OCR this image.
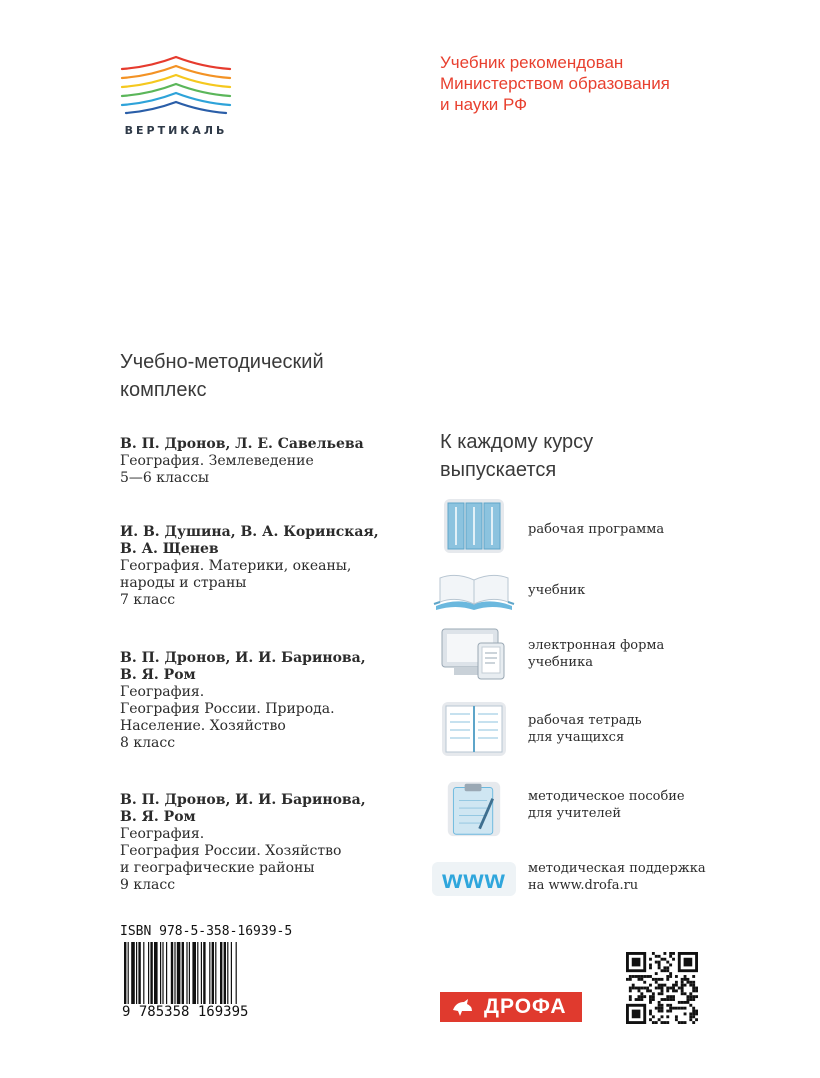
ВЕРТИКАЛЬ
Учебник рекомендован
Министерством образования
и науки РФ
Учебно-методический
комплекс
В. П. Дронов, Л. Е. Савельева
География. Землеведение
5—6 классы
И. В. Душина, В. А. Коринская,
В. А. Щенев
География. Материки, океаны,
народы и страны
7 класс
В. П. Дронов, И. И. Баринова,
В. Я. Ром
География.
География России. Природа.
Население. Хозяйство
8 класс
В. П. Дронов, И. И. Баринова,
В. Я. Ром
География.
География России. Хозяйство
и географические районы
9 класс
К каждому курсу
выпускается
рабочая программа
учебник
электронная форма
учебника
рабочая тетрадь
для учащихся
методическое пособие
для учителей
www	методическая поддержка
на www.drofa.ru
ISBN 978-5-358-16939-5
9 785358 169395	ДРОФА
